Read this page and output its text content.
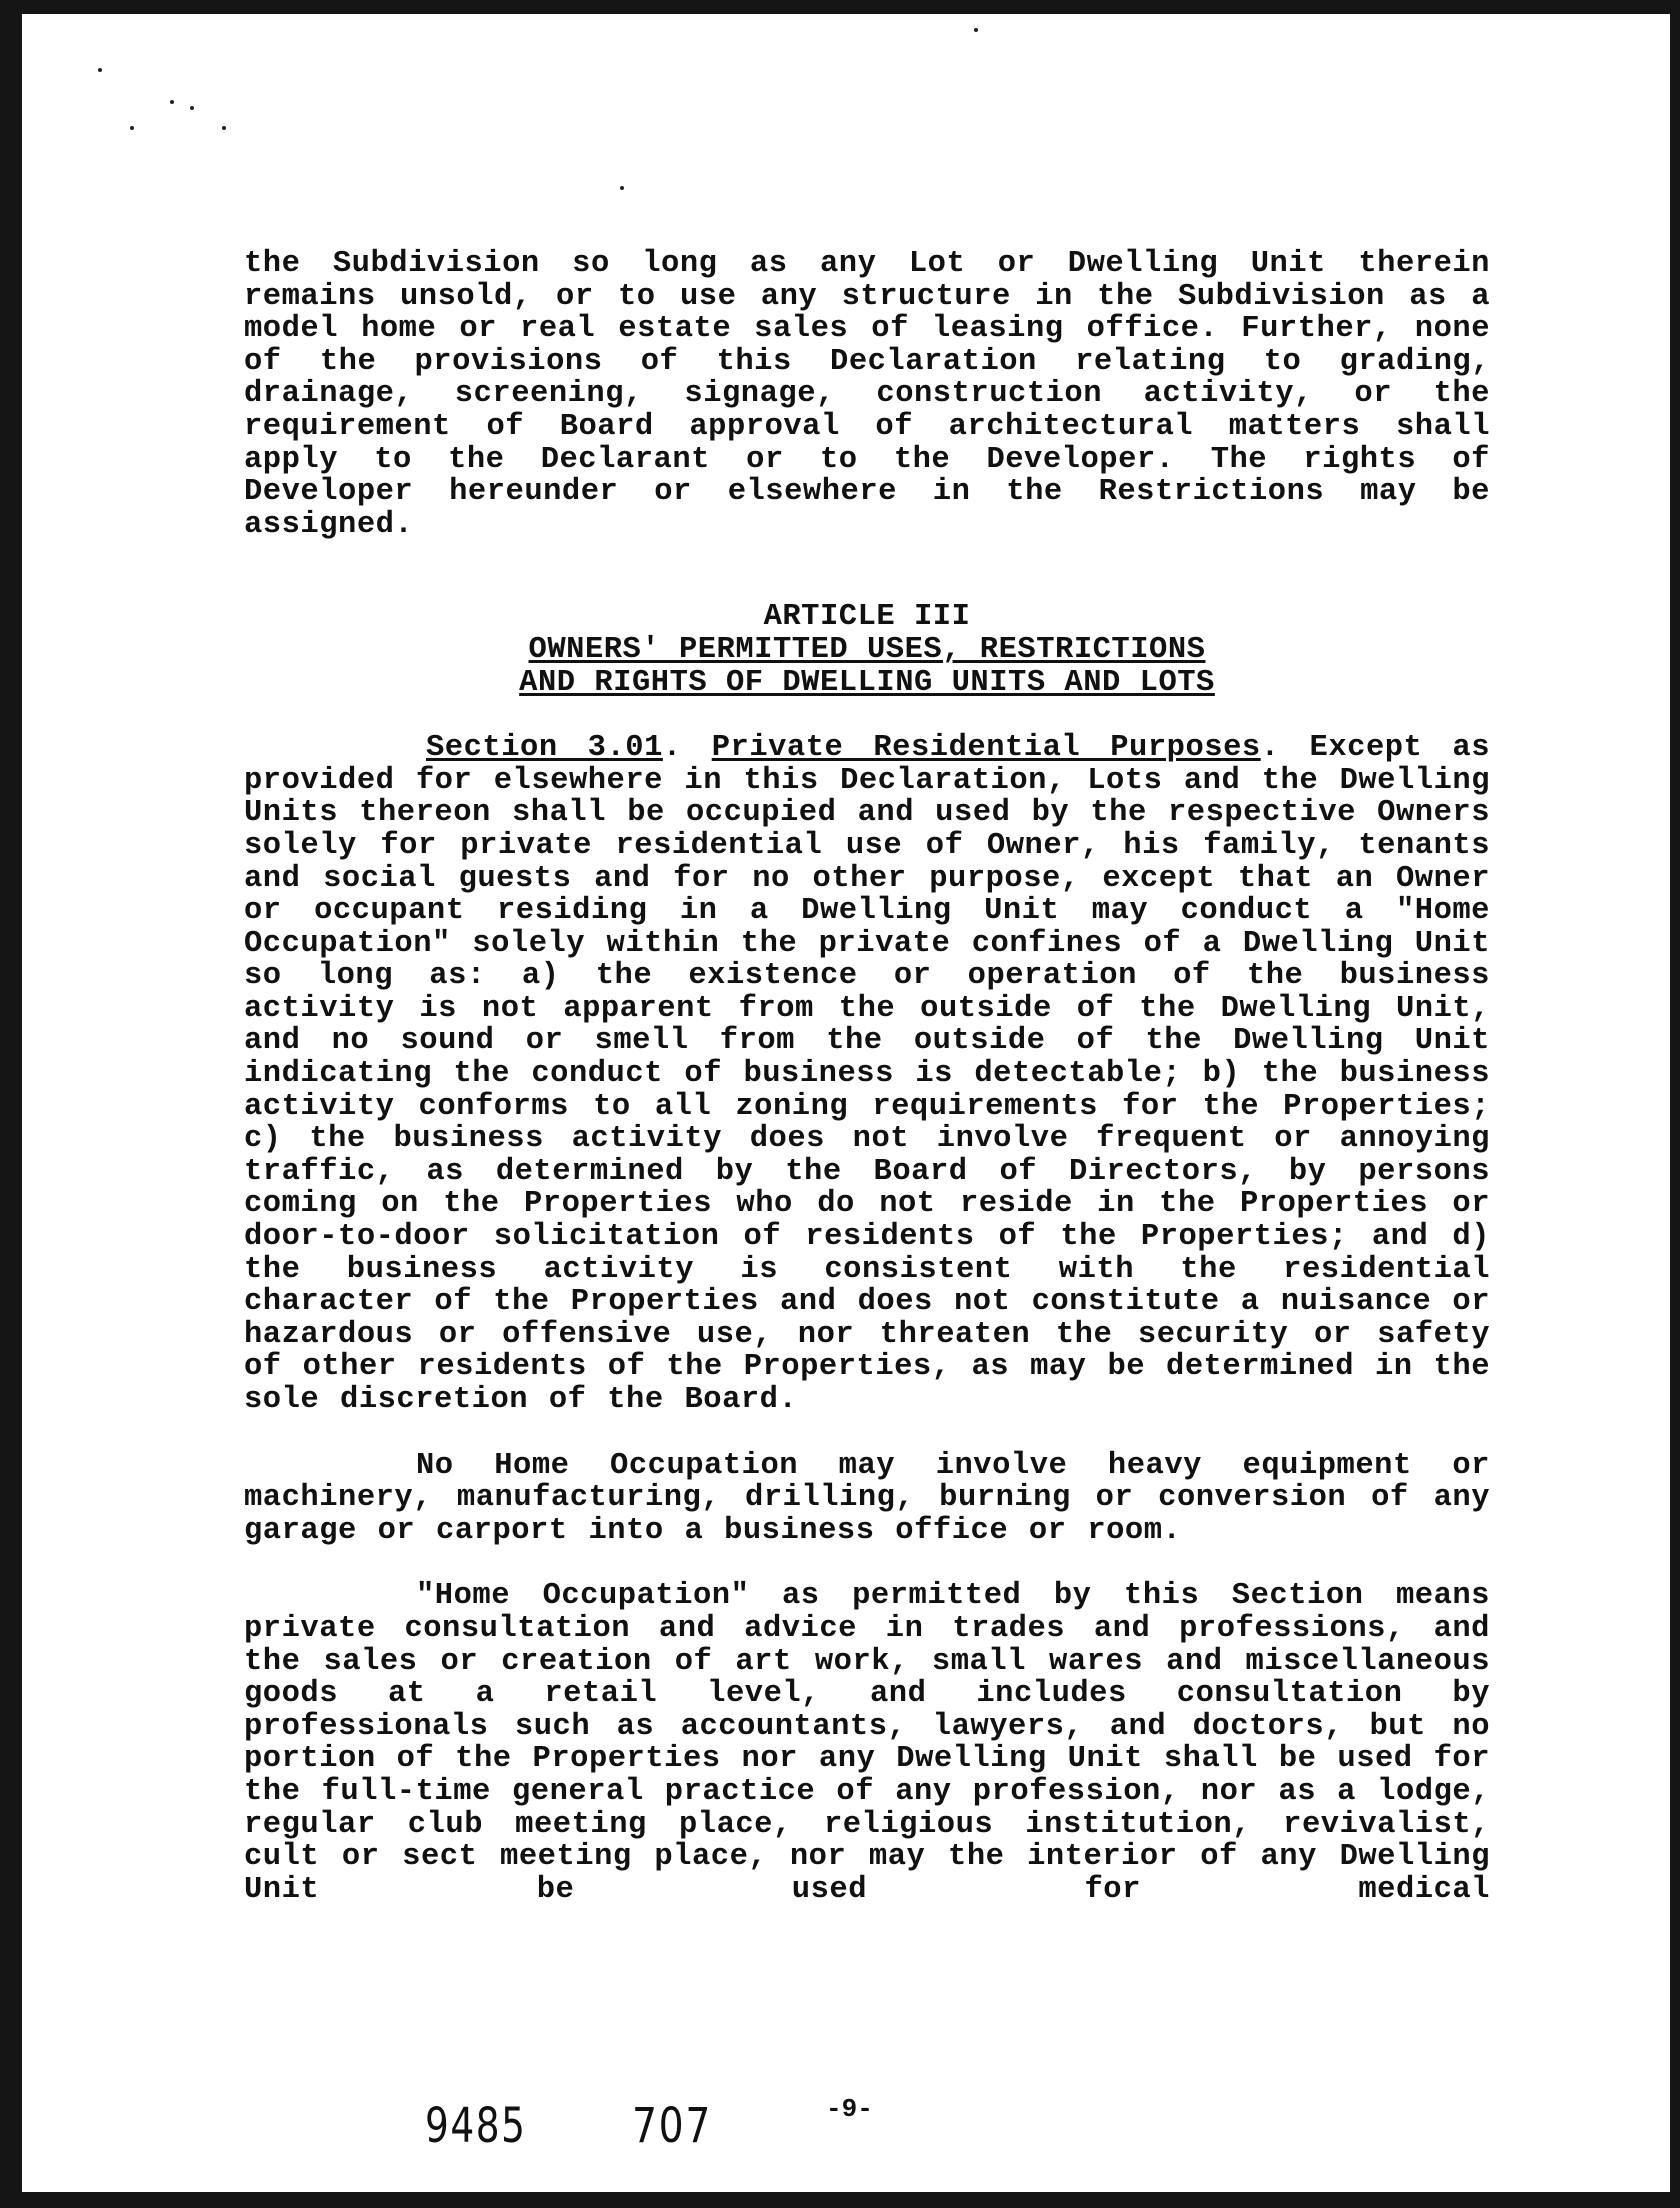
the Subdivision so long as any Lot or Dwelling Unit therein remains unsold, or to use any structure in the Subdivision as a model home or real estate sales of leasing office. Further, none of the provisions of this Declaration relating to grading, drainage, screening, signage, construction activity, or the requirement of Board approval of architectural matters shall apply to the Declarant or to the Developer. The rights of Developer hereunder or elsewhere in the Restrictions may be assigned.

ARTICLE III
OWNERS' PERMITTED USES, RESTRICTIONS
AND RIGHTS OF DWELLING UNITS AND LOTS

Section 3.01. Private Residential Purposes. Except as provided for elsewhere in this Declaration, Lots and the Dwelling Units thereon shall be occupied and used by the respective Owners solely for private residential use of Owner, his family, tenants and social guests and for no other purpose, except that an Owner or occupant residing in a Dwelling Unit may conduct a "Home Occupation" solely within the private confines of a Dwelling Unit so long as: a) the existence or operation of the business activity is not apparent from the outside of the Dwelling Unit, and no sound or smell from the outside of the Dwelling Unit indicating the conduct of business is detectable; b) the business activity conforms to all zoning requirements for the Properties; c) the business activity does not involve frequent or annoying traffic, as determined by the Board of Directors, by persons coming on the Properties who do not reside in the Properties or door-to-door solicitation of residents of the Properties; and d) the business activity is consistent with the residential character of the Properties and does not constitute a nuisance or hazardous or offensive use, nor threaten the security or safety of other residents of the Properties, as may be determined in the sole discretion of the Board.

No Home Occupation may involve heavy equipment or machinery, manufacturing, drilling, burning or conversion of any garage or carport into a business office or room.

"Home Occupation" as permitted by this Section means private consultation and advice in trades and professions, and the sales or creation of art work, small wares and miscellaneous goods at a retail level, and includes consultation by professionals such as accountants, lawyers, and doctors, but no portion of the Properties nor any Dwelling Unit shall be used for the full-time general practice of any profession, nor as a lodge, regular club meeting place, religious institution, revivalist, cult or sect meeting place, nor may the interior of any Dwelling Unit be used for medical

9485 707	-9-
